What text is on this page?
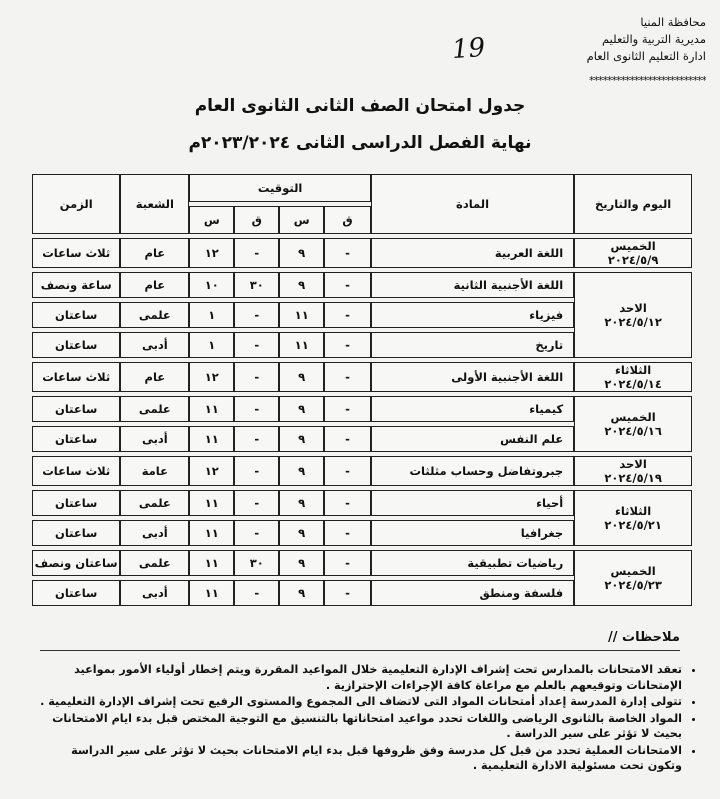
محافظة المنيا
مديرية التربية والتعليم
ادارة التعليم الثانوى العام
**************************
19
جدول امتحان الصف الثانى الثانوى العام
نهاية الفصل الدراسى الثانى ٢٠٢٣/٢٠٢٤م
اليوم والتاريخ	المادة	التوقيت				الشعبة	الزمن
		ق	س	ق	س		

الخميس
٢٠٢٤/٥/٩	اللغة العربية	-	٩	-	١٢	عام	ثلاث ساعات

الاحد
٢٠٢٤/٥/١٢	اللغة الأجنبية الثانية	-	٩	٣٠	١٠	عام	ساعة ونصف
	فيزياء	-	١١	-	١	علمى	ساعتان
	تاريخ	-	١١	-	١	أدبى	ساعتان

الثلاثاء
٢٠٢٤/٥/١٤	اللغة الأجنبية الأولى	-	٩	-	١٢	عام	ثلاث ساعات

الخميس
٢٠٢٤/٥/١٦	كيمياء	-	٩	-	١١	علمى	ساعتان
	علم النفس	-	٩	-	١١	أدبى	ساعتان

الاحد
٢٠٢٤/٥/١٩	جبروتفاضل وحساب مثلثات	-	٩	-	١٢	عامة	ثلاث ساعات

الثلاثاء
٢٠٢٤/٥/٢١	أحياء	-	٩	-	١١	علمى	ساعتان
	جغرافيا	-	٩	-	١١	أدبى	ساعتان

الخميس
٢٠٢٤/٥/٢٣	رياضيات تطبيقية	-	٩	٣٠	١١	علمى	ساعتان ونصف
	فلسفة ومنطق	-	٩	-	١١	أدبى	ساعتان
ملاحظات //
• تعقد الامتحانات بالمدارس تحت إشراف الإدارة التعليمية خلال المواعيد المقررة ويتم إخطار أولياء الأمور بمواعيد الإمتحانات وتوقيعهم بالعلم مع مراعاة كافة الإجراءات الإحترازية .
• تتولى إدارة المدرسة إعداد أمتحانات المواد التى لاتضاف الى المجموع والمستوى الرفيع تحت إشراف الإدارة التعليمية .
• المواد الخاصة بالثانوى الرياضى واللغات تحدد مواعيد امتحاناتها بالتنسيق مع التوجية المختص قبل بدء ايام الامتحانات بحيث لا تؤثر على سير الدراسة .
• الامتحانات العملية تحدد من قبل كل مدرسة وفق ظروفها قبل بدء ايام الامتحانات بحيث لا تؤثر على سير الدراسة وتكون تحت مسئولية الادارة التعليمية .
